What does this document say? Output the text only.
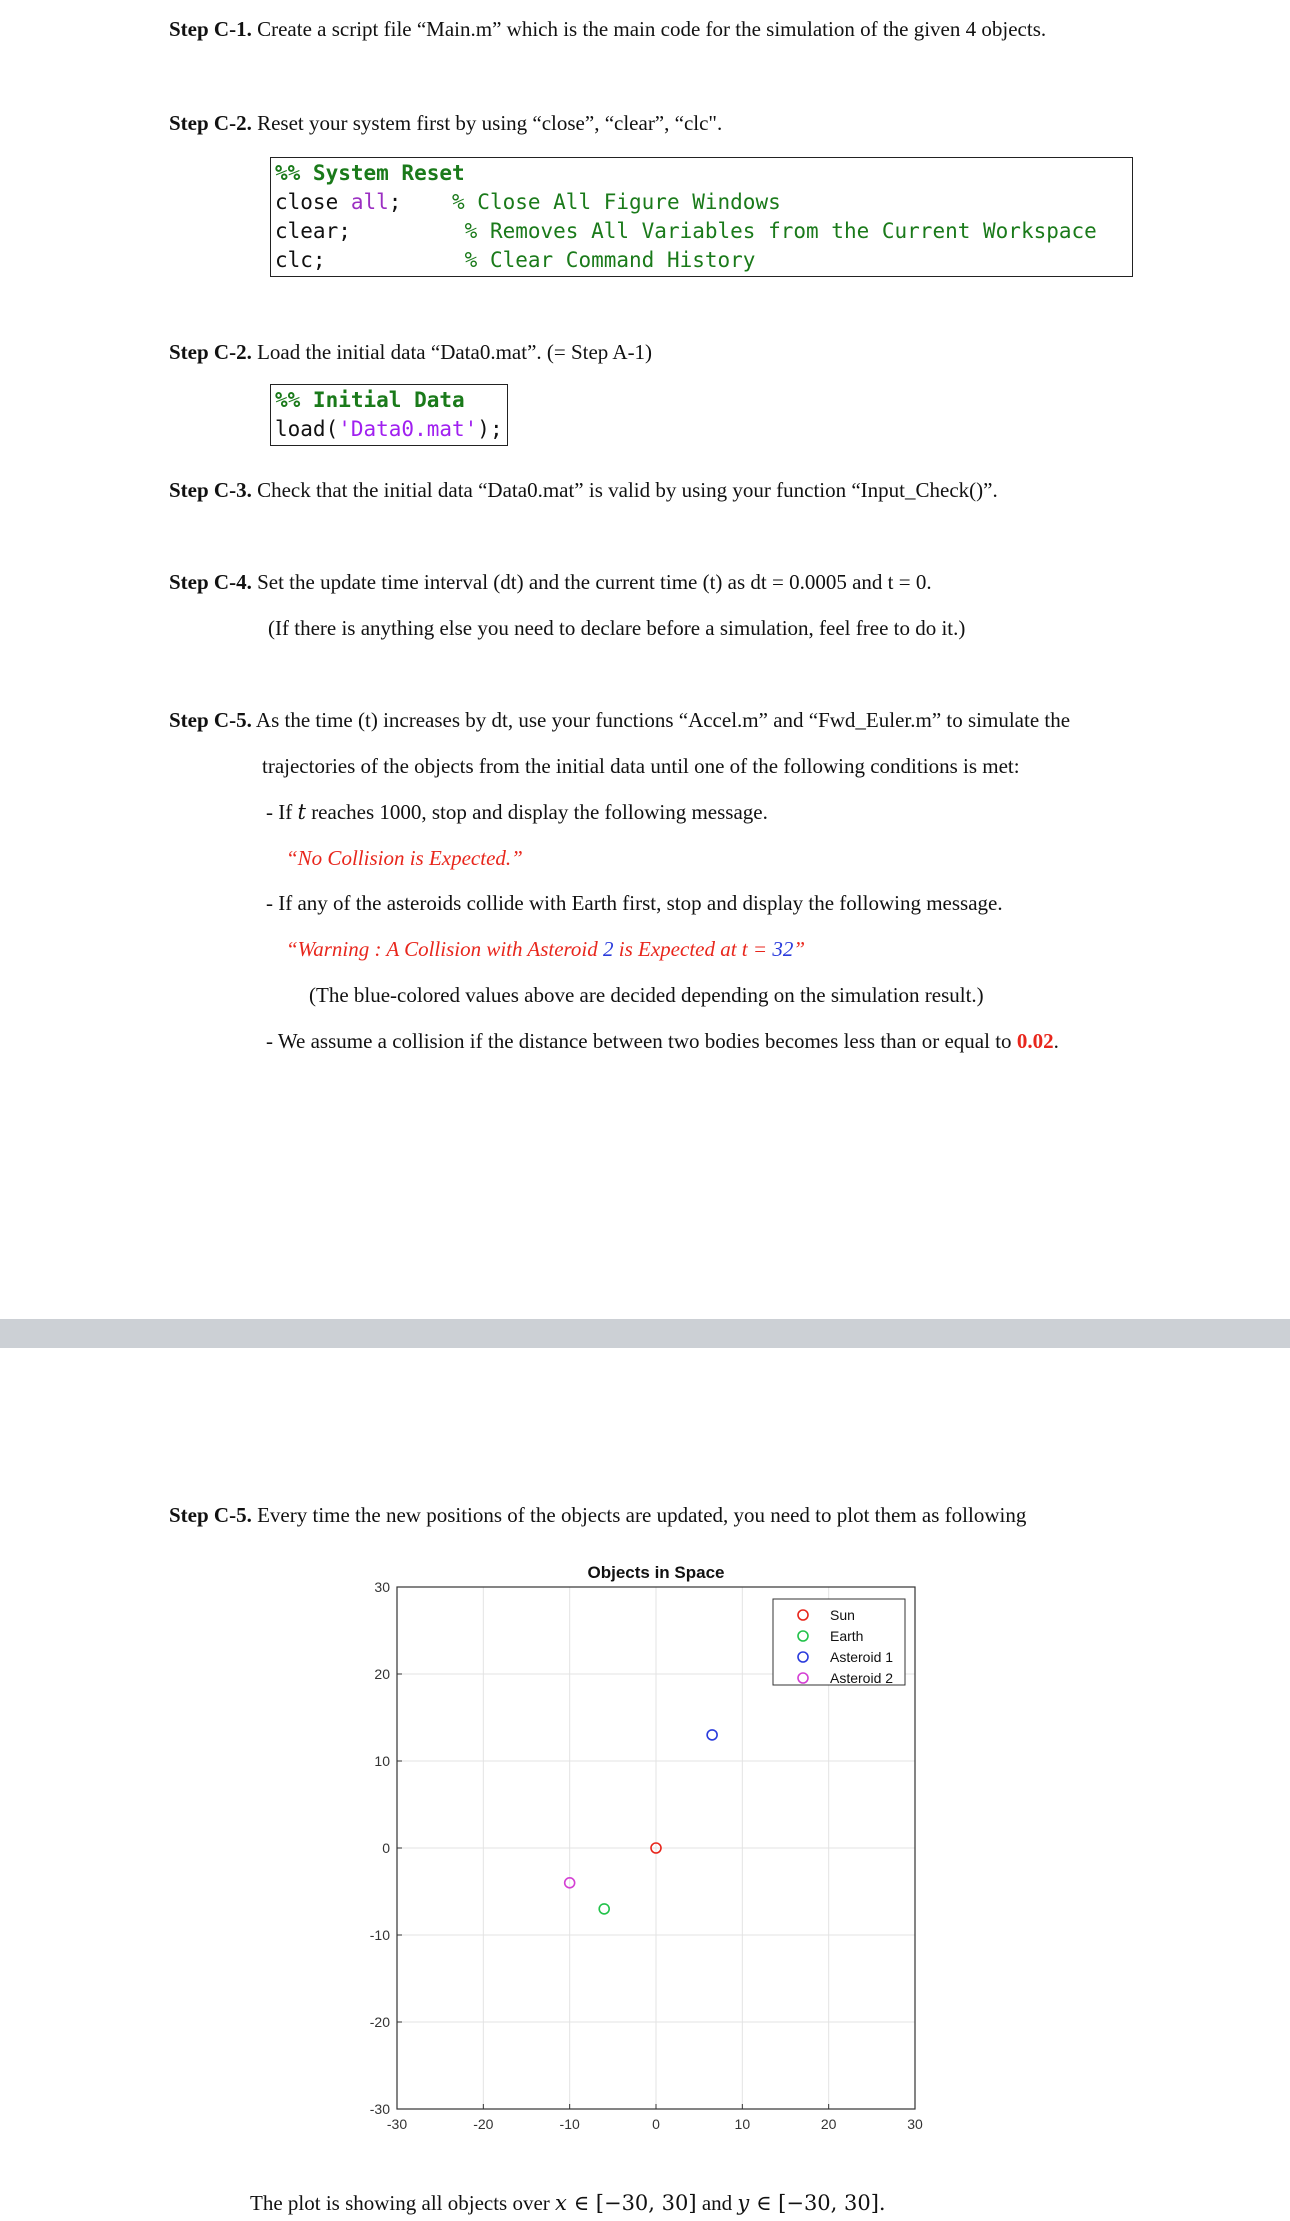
Step C-1. Create a script file “Main.m” which is the main code for the simulation of the given 4 objects.
Step C-2. Reset your system first by using “close”, “clear”, “clc".
%% System Reset
close all;    % Close All Figure Windows
clear;	% Removes All Variables from the Current Workspace
clc;	% Clear Command History
Step C-2. Load the initial data “Data0.mat”. (= Step A-1)
%% Initial Data
load('Data0.mat');
Step C-3. Check that the initial data “Data0.mat” is valid by using your function “Input_Check()”.
Step C-4. Set the update time interval (dt) and the current time (t) as dt = 0.0005 and t = 0.
(If there is anything else you need to declare before a simulation, feel free to do it.)
Step C-5. As the time (t) increases by dt, use your functions “Accel.m” and “Fwd_Euler.m” to simulate the
trajectories of the objects from the initial data until one of the following conditions is met:
- If t reaches 1000, stop and display the following message.
“No Collision is Expected.”
- If any of the asteroids collide with Earth first, stop and display the following message.
“Warning : A Collision with Asteroid 2 is Expected at t = 32”
(The blue-colored values above are decided depending on the simulation result.)
- We assume a collision if the distance between two bodies becomes less than or equal to 0.02.
Step C-5. Every time the new positions of the objects are updated, you need to plot them as following
-30	-20	-10	0	10	20	30
-30
-20
-10
0
10
20
30
Objects in Space
Sun
Earth
Asteroid 1
Asteroid 2
The plot is showing all objects over x ∈ [−30, 30] and y ∈ [−30, 30].
